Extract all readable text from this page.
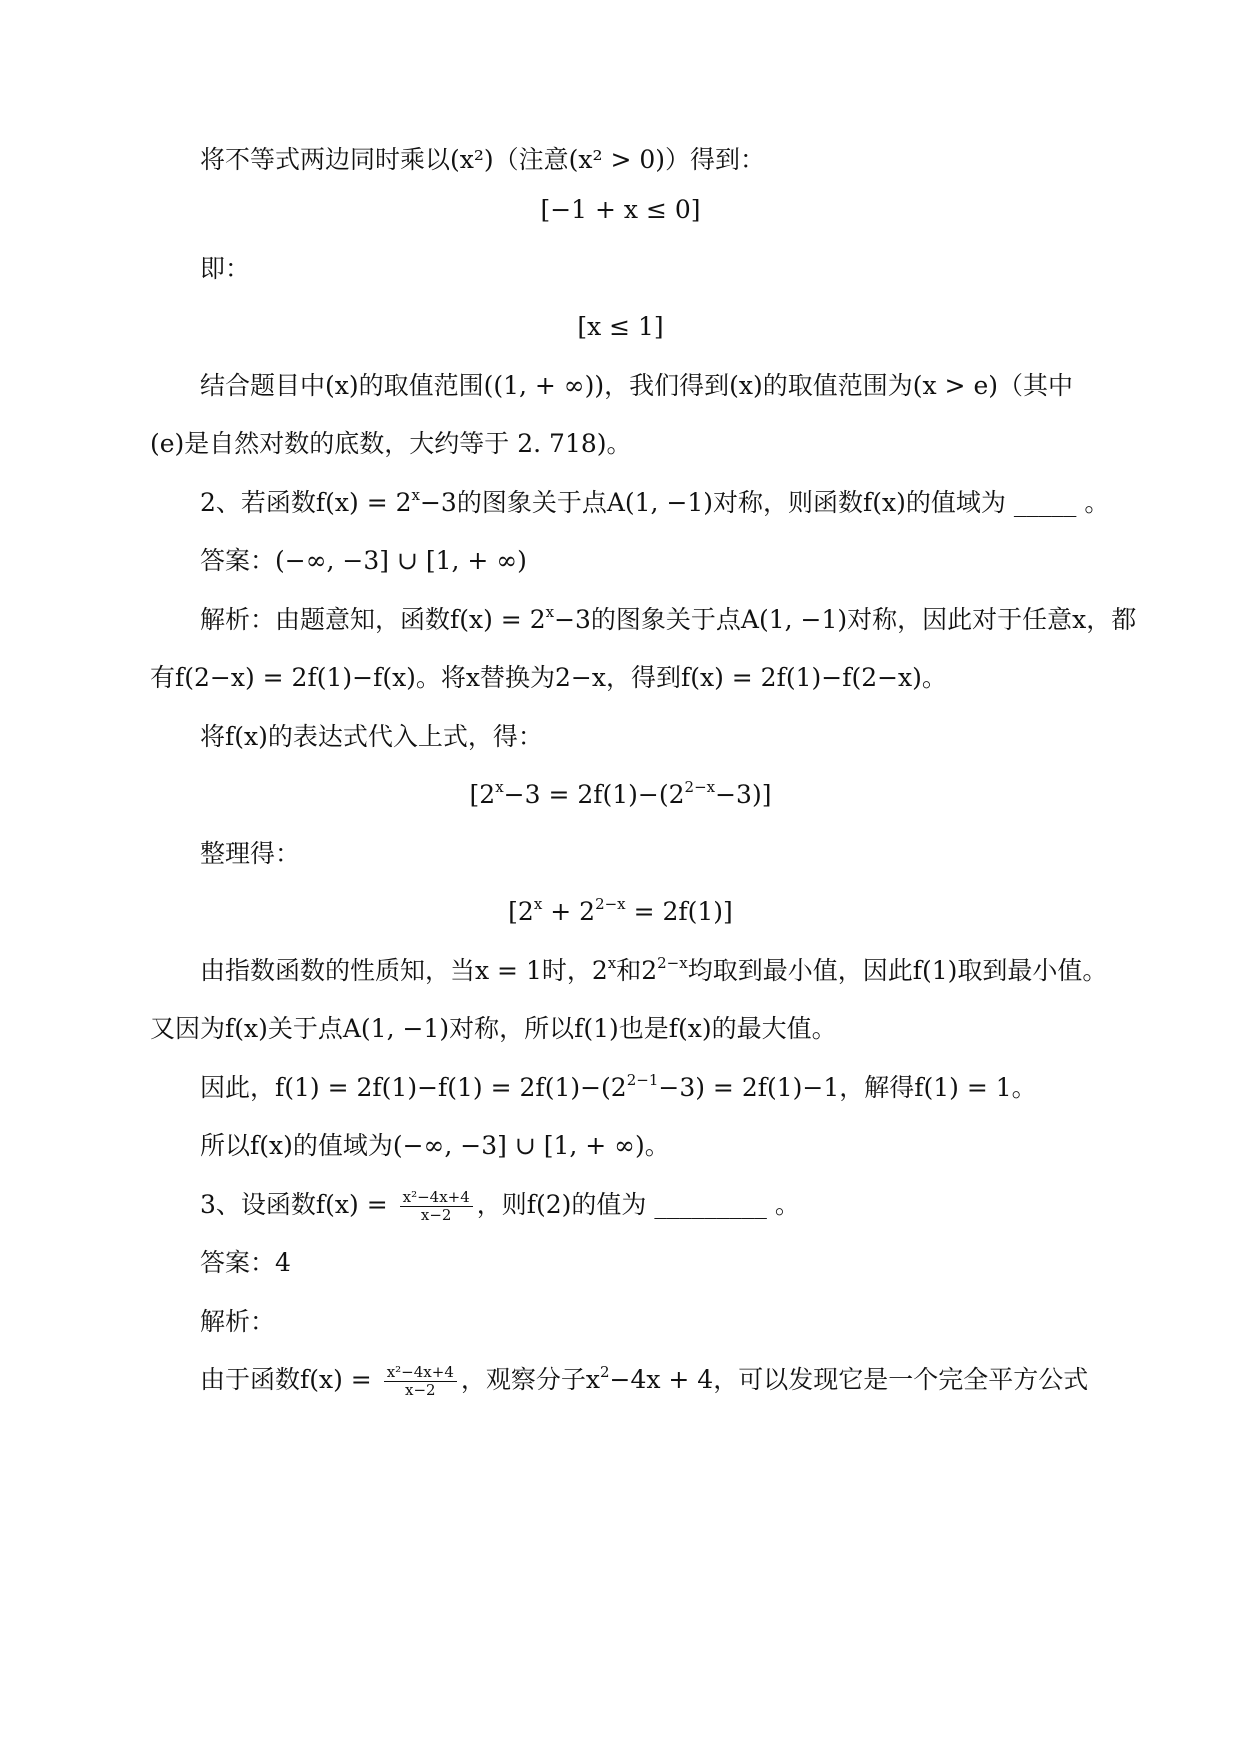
将不等式两边同时乘以(x²)（注意(x² > 0)）得到：
[−1 + x ≤ 0]
即：
[x ≤ 1]
结合题目中(x)的取值范围((1, + ∞))，我们得到(x)的取值范围为(x > e)（其中
(e)是自然对数的底数，大约等于 2. 718)。
2、若函数$f(x) = 2^x-3$的图象关于点A(1, −1)对称，则函数f(x)的值域为 _____ 。
答案：(−∞, −3] ∪ [1, + ∞)
解析：由题意知，函数$f(x) = 2^x-3$的图象关于点A(1, −1)对称，因此对于任意x，都
有f(2−x) = 2f(1)−f(x)。将x替换为2−x，得到f(x) = 2f(1)−f(2−x)。
将f(x)的表达式代入上式，得：
$[2^x-3 = 2f(1)-(2^{2-x}-3)]$
整理得：
$[2^x + 2^{2-x} = 2f(1)]$
由指数函数的性质知，当x = 1时，2$^x$和$2^{2-x}$均取到最小值，因此f(1)取到最小值。
又因为f(x)关于点A(1, −1)对称，所以f(1)也是f(x)的最大值。
因此，$f(1) = 2f(1)-f(1) = 2f(1)-(2^{2-1}-3) = 2f(1)-1$，解得f(1) = 1。
所以f(x)的值域为(−∞, −3] ∪ [1, + ∞)。
3、设函数$f(x) = \frac{\text{x²−4x+4}}{x-2}$ ，则f(2)的值为 _________ 。
答案：4
解析：
由于函数$f(x) = \frac{\text{x²−4x+4}}{x-2}$ ，观察分子$x^2-4x + 4$，可以发现它是一个完全平方公式
